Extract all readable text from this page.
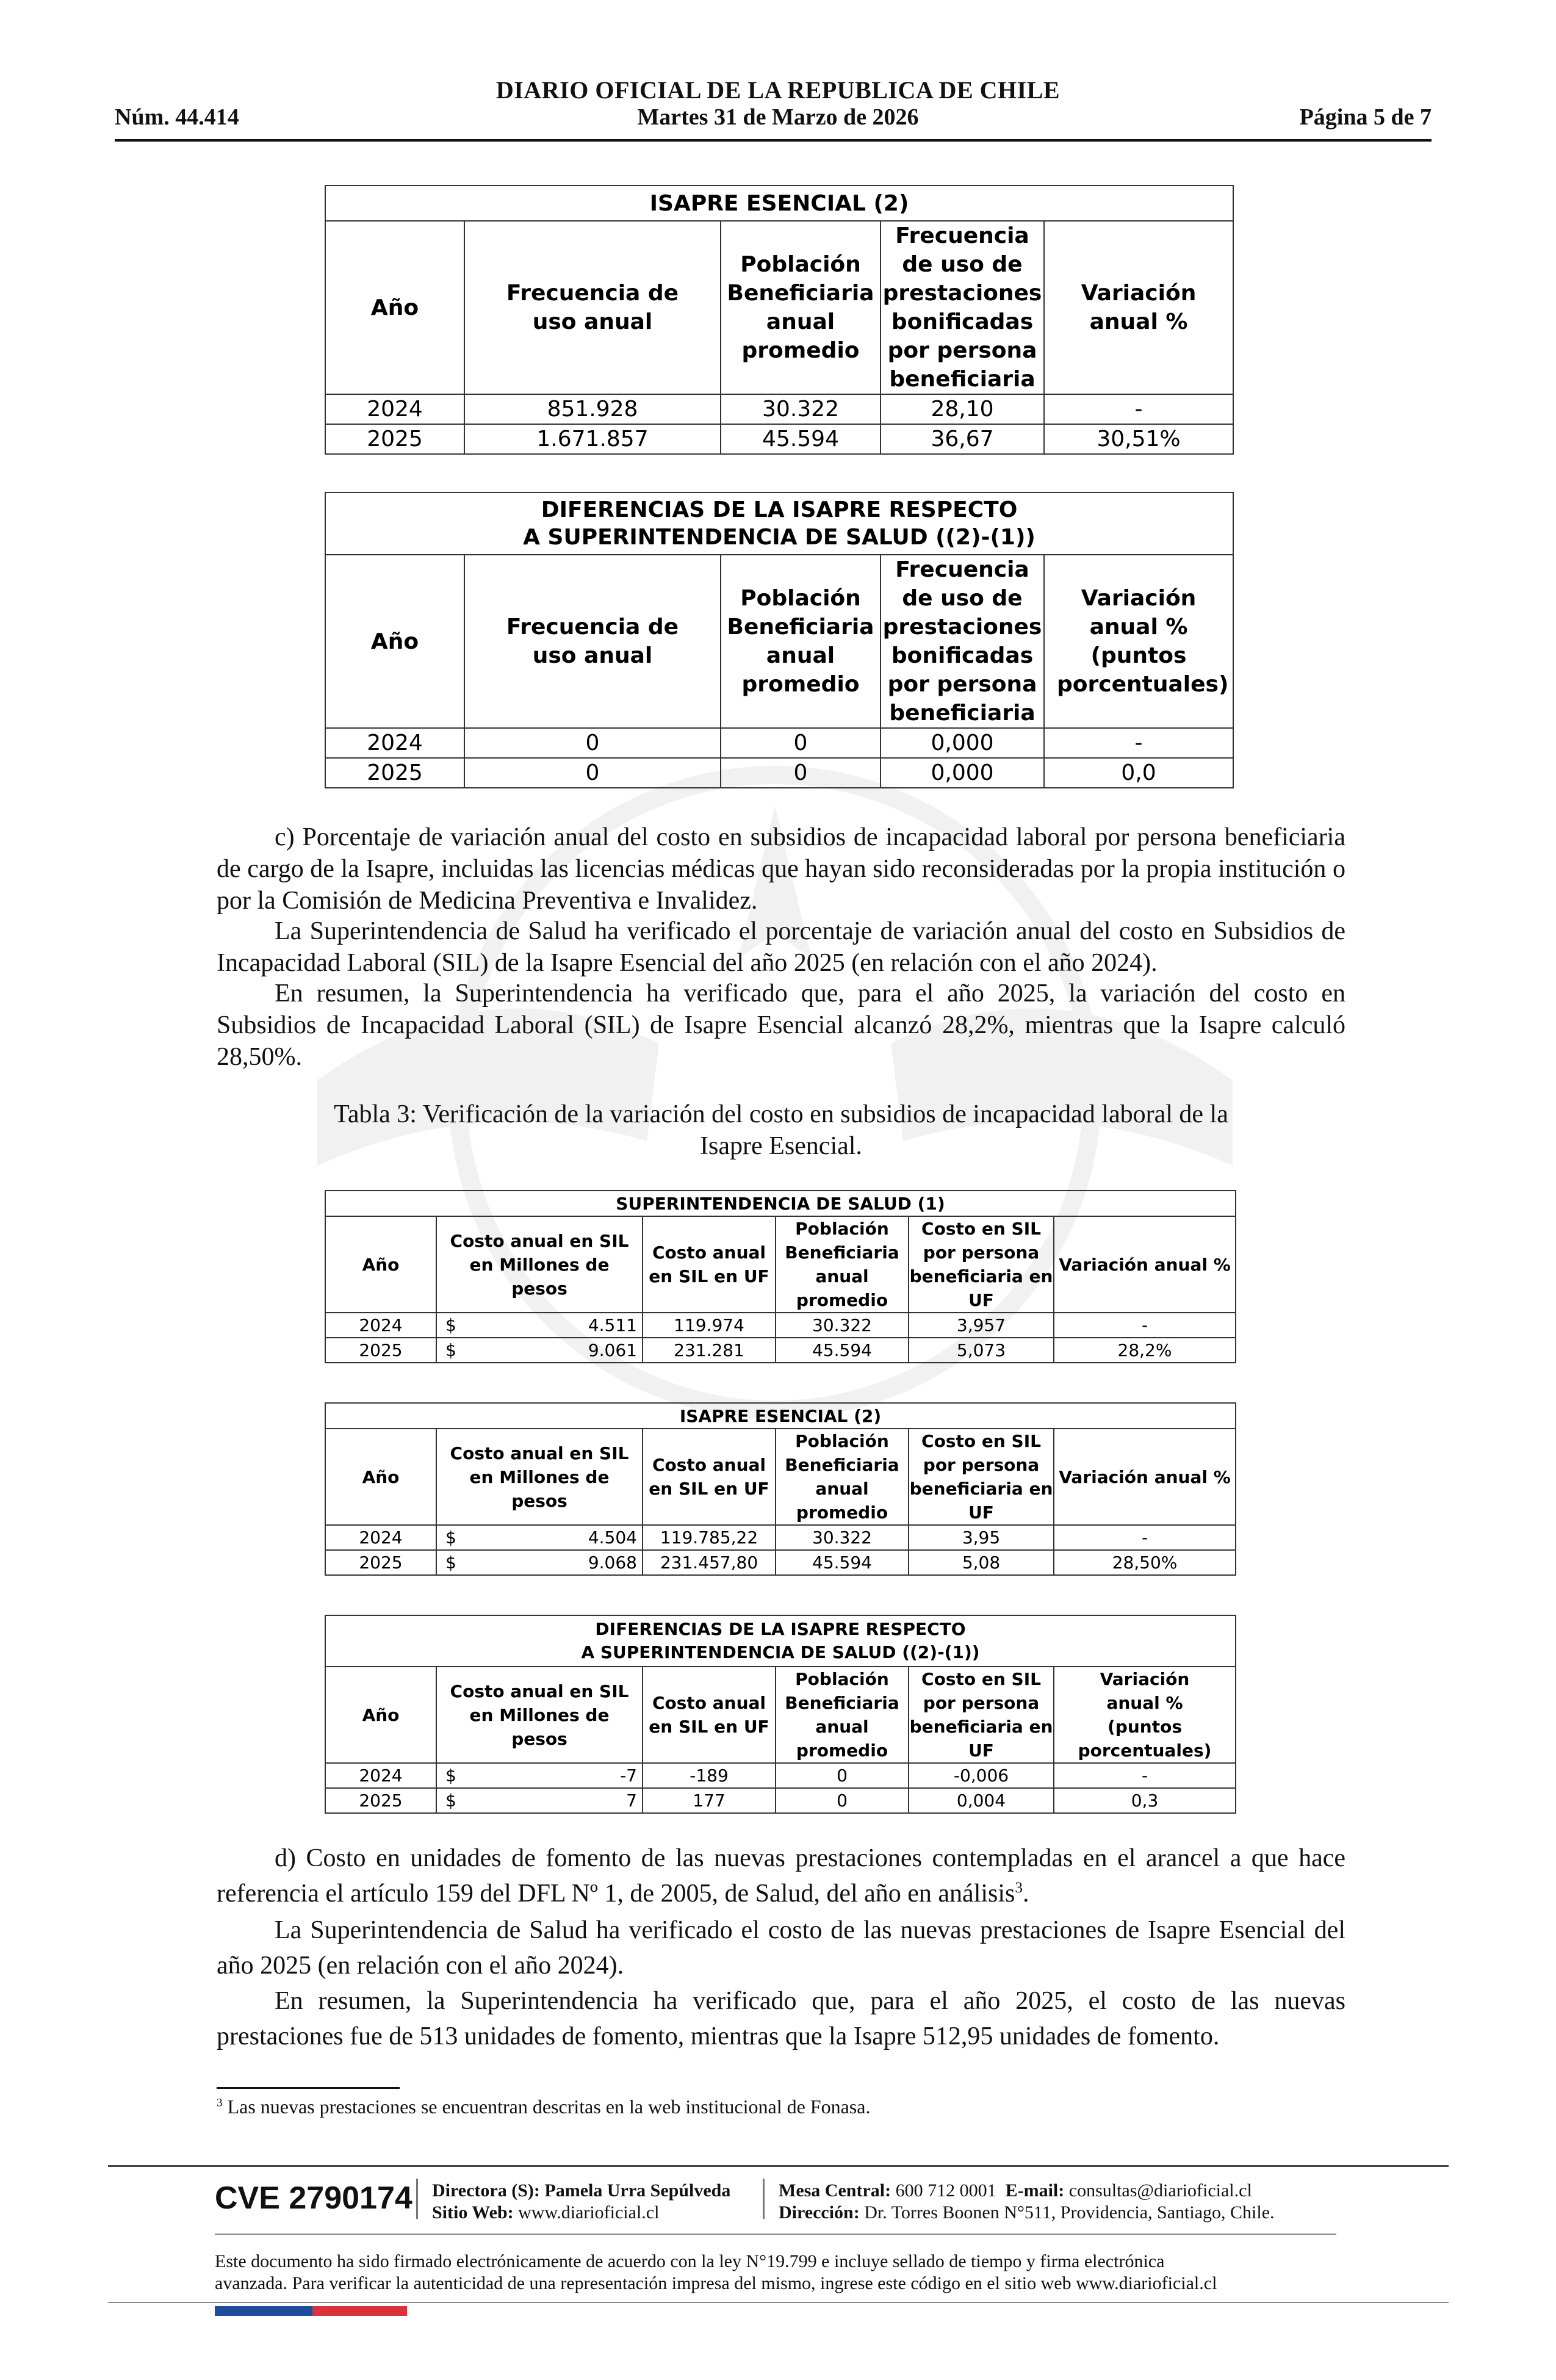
DIARIO OFICIAL DE LA REPUBLICA DE CHILE
Núm. 44.414	Martes 31 de Marzo de 2026	Página 5 de 7
ISAPRE ESENCIAL (2)				
Año	Frecuencia de uso anual	Población Beneficiaria anual promedio	Frecuencia de uso de prestaciones bonificadas por persona beneficiaria	Variación anual %
2024	851.928	30.322	28,10	-
2025	1.671.857	45.594	36,67	30,51%
DIFERENCIAS DE LA ISAPRE RESPECTO
A SUPERINTENDENCIA DE SALUD ((2)-(1))				

Año	Frecuencia de uso anual	Población Beneficiaria anual promedio	Frecuencia de uso de prestaciones bonificadas por persona beneficiaria	Variación anual % (puntos porcentuales)
2024	0	0	0,000	-
2025	0	0	0,000	0,0
c) Porcentaje de variación anual del costo en subsidios de incapacidad laboral por persona beneficiaria de cargo de la Isapre, incluidas las licencias médicas que hayan sido reconsideradas por la propia institución o por la Comisión de Medicina Preventiva e Invalidez.
La Superintendencia de Salud ha verificado el porcentaje de variación anual del costo en Subsidios de Incapacidad Laboral (SIL) de la Isapre Esencial del año 2025 (en relación con el año 2024).
En resumen, la Superintendencia ha verificado que, para el año 2025, la variación del costo en Subsidios de Incapacidad Laboral (SIL) de Isapre Esencial alcanzó 28,2%, mientras que la Isapre calculó 28,50%.
Tabla 3: Verificación de la variación del costo en subsidios de incapacidad laboral de la
Isapre Esencial.
SUPERINTENDENCIA DE SALUD (1)					
Año	Costo anual en SIL en Millones de pesos	Costo anual en SIL en UF	Población Beneficiaria anual promedio	Costo en SIL por persona beneficiaria en UF	Variación anual %
2024	$ 4.511	119.974	30.322	3,957	-
2025	$ 9.061	231.281	45.594	5,073	28,2%
ISAPRE ESENCIAL (2)					
Año	Costo anual en SIL en Millones de pesos	Costo anual en SIL en UF	Población Beneficiaria anual promedio	Costo en SIL por persona beneficiaria en UF	Variación anual %
2024	$ 4.504	119.785,22	30.322	3,95	-
2025	$ 9.068	231.457,80	45.594	5,08	28,50%
DIFERENCIAS DE LA ISAPRE RESPECTO
A SUPERINTENDENCIA DE SALUD ((2)-(1))					

Año	Costo anual en SIL en Millones de pesos	Costo anual en SIL en UF	Población Beneficiaria anual promedio	Costo en SIL por persona beneficiaria en UF	Variación anual % (puntos porcentuales)
2024	$ -7	-189	0	-0,006	-
2025	$ 7	177	0	0,004	0,3
d) Costo en unidades de fomento de las nuevas prestaciones contempladas en el arancel a que hace referencia el artículo 159 del DFL Nº 1, de 2005, de Salud, del año en análisis$^3$.
La Superintendencia de Salud ha verificado el costo de las nuevas prestaciones de Isapre Esencial del año 2025 (en relación con el año 2024).
En resumen, la Superintendencia ha verificado que, para el año 2025, el costo de las nuevas prestaciones fue de 513 unidades de fomento, mientras que la Isapre 512,95 unidades de fomento.
$^3$ Las nuevas prestaciones se encuentran descritas en la web institucional de Fonasa.
CVE 2790174 Directora (S): Pamela Urra Sepúlveda
Sitio Web: www.diarioficial.cl
Mesa Central: 600 712 0001 E-mail: consultas@diarioficial.cl
Dirección: Dr. Torres Boonen N°511, Providencia, Santiago, Chile.
Este documento ha sido firmado electrónicamente de acuerdo con la ley N°19.799 e incluye sellado de tiempo y firma electrónica
avanzada. Para verificar la autenticidad de una representación impresa del mismo, ingrese este código en el sitio web www.diarioficial.cl
